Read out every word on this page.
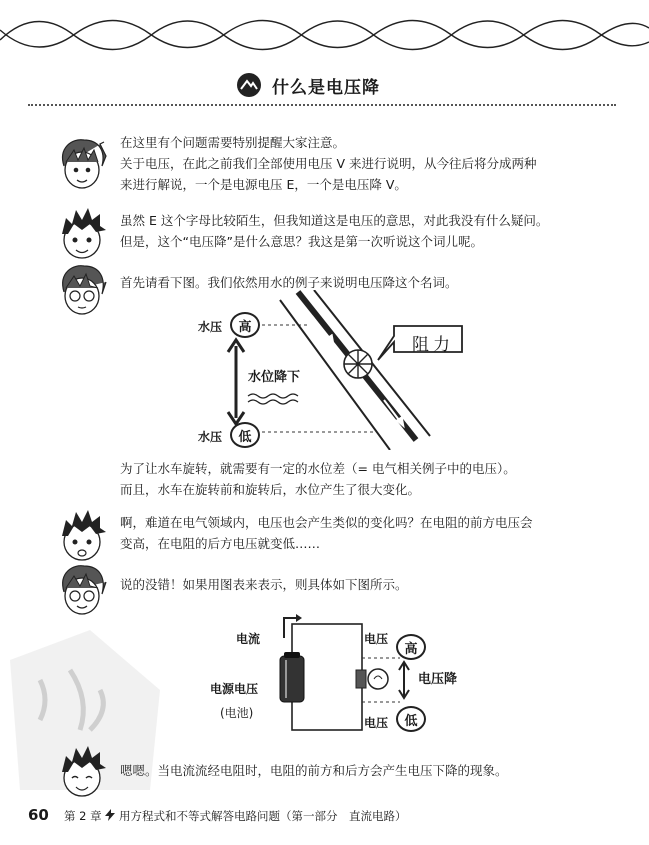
什么是电压降
在这里有个问题需要特别提醒大家注意。
关于电压，在此之前我们全部使用电压 V 来进行说明，从今往后将分成两种
来进行解说，一个是电源电压 E，一个是电压降 V。
虽然 E 这个字母比较陌生，但我知道这是电压的意思，对此我没有什么疑问。
但是，这个“电压降”是什么意思？我这是第一次听说这个词儿呢。
首先请看下图。我们依然用水的例子来说明电压降这个名词。
水压	高
水压	低
水位降下
阻力
为了让水车旋转，就需要有一定的水位差（= 电气相关例子中的电压）。
而且，水车在旋转前和旋转后，水位产生了很大变化。
啊，难道在电气领域内，电压也会产生类似的变化吗？在电阻的前方电压会
变高，在电阻的后方电压就变低……
说的没错！如果用图表来表示，则具体如下图所示。
电流	电压
高
电压降
电压	低
电源电压
(电池)
嗯嗯。当电流流经电阻时，电阻的前方和后方会产生电压下降的现象。
60 第 2 章 用方程式和不等式解答电路问题（第一部分　直流电路）
